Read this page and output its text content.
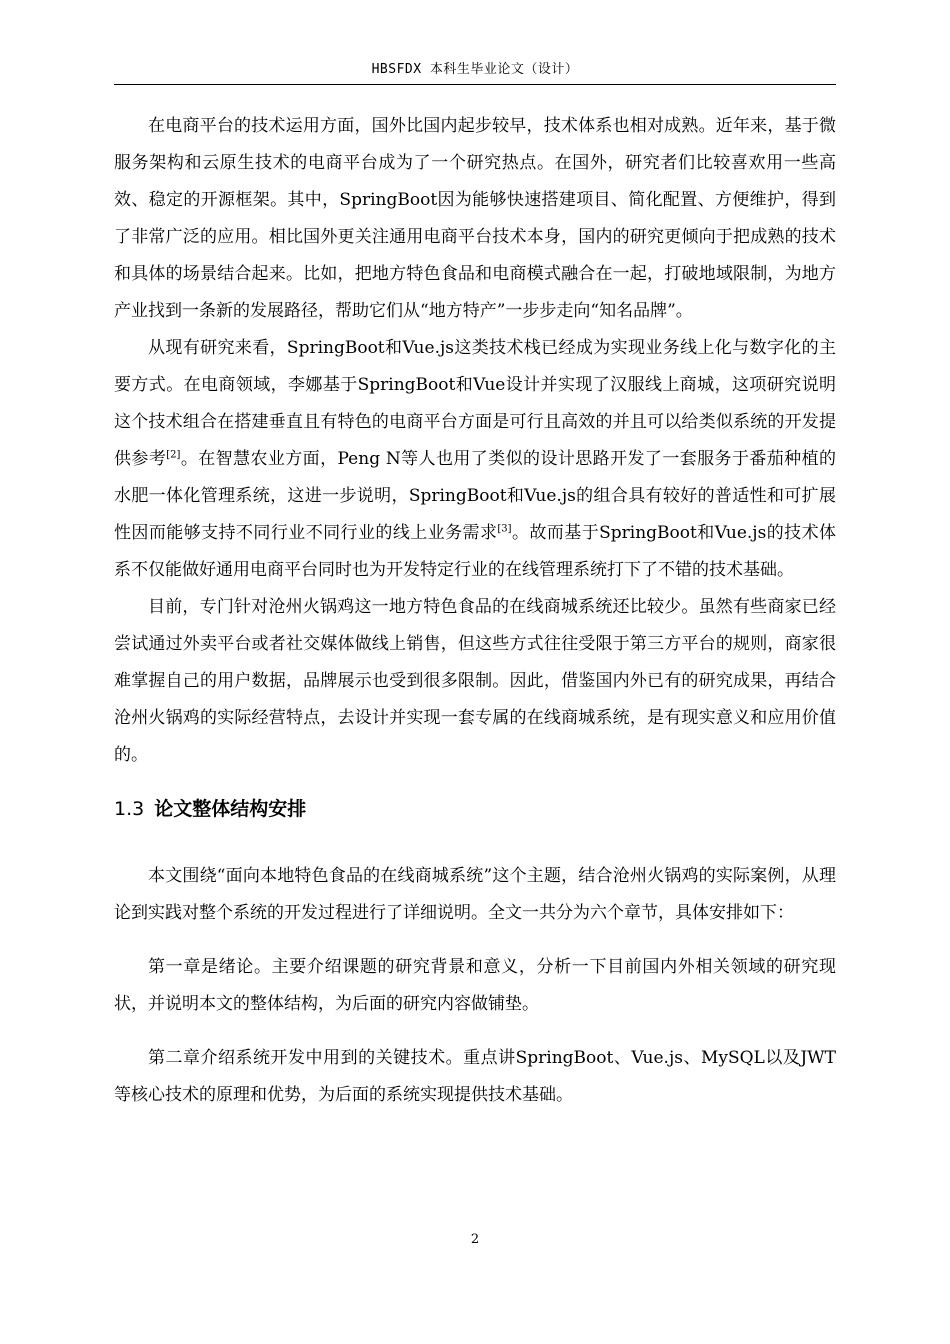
HBSFDX 本科生毕业论文（设计）

在电商平台的技术运用方面，国外比国内起步较早，技术体系也相对成熟。近年来，基于微服务架构和云原生技术的电商平台成为了一个研究热点。在国外，研究者们比较喜欢用一些高效、稳定的开源框架。其中，SpringBoot因为能够快速搭建项目、简化配置、方便维护，得到了非常广泛的应用。相比国外更关注通用电商平台技术本身，国内的研究更倾向于把成熟的技术和具体的场景结合起来。比如，把地方特色食品和电商模式融合在一起，打破地域限制，为地方产业找到一条新的发展路径，帮助它们从“地方特产”一步步走向“知名品牌”。

从现有研究来看，SpringBoot和Vue.js这类技术栈已经成为实现业务线上化与数字化的主要方式。在电商领域，李娜基于SpringBoot和Vue设计并实现了汉服线上商城，这项研究说明这个技术组合在搭建垂直且有特色的电商平台方面是可行且高效的并且可以给类似系统的开发提供参考[2]。在智慧农业方面，Peng N等人也用了类似的设计思路开发了一套服务于番茄种植的水肥一体化管理系统，这进一步说明，SpringBoot和Vue.js的组合具有较好的普适性和可扩展性因而能够支持不同行业不同行业的线上业务需求[3]。故而基于SpringBoot和Vue.js的技术体系不仅能做好通用电商平台同时也为开发特定行业的在线管理系统打下了不错的技术基础。

目前，专门针对沧州火锅鸡这一地方特色食品的在线商城系统还比较少。虽然有些商家已经尝试通过外卖平台或者社交媒体做线上销售，但这些方式往往受限于第三方平台的规则，商家很难掌握自己的用户数据，品牌展示也受到很多限制。因此，借鉴国内外已有的研究成果，再结合沧州火锅鸡的实际经营特点，去设计并实现一套专属的在线商城系统，是有现实意义和应用价值的。

1.3 论文整体结构安排

本文围绕“面向本地特色食品的在线商城系统”这个主题，结合沧州火锅鸡的实际案例，从理论到实践对整个系统的开发过程进行了详细说明。全文一共分为六个章节，具体安排如下：

第一章是绪论。主要介绍课题的研究背景和意义，分析一下目前国内外相关领域的研究现状，并说明本文的整体结构，为后面的研究内容做铺垫。

第二章介绍系统开发中用到的关键技术。重点讲SpringBoot、Vue.js、MySQL以及JWT等核心技术的原理和优势，为后面的系统实现提供技术基础。

2
